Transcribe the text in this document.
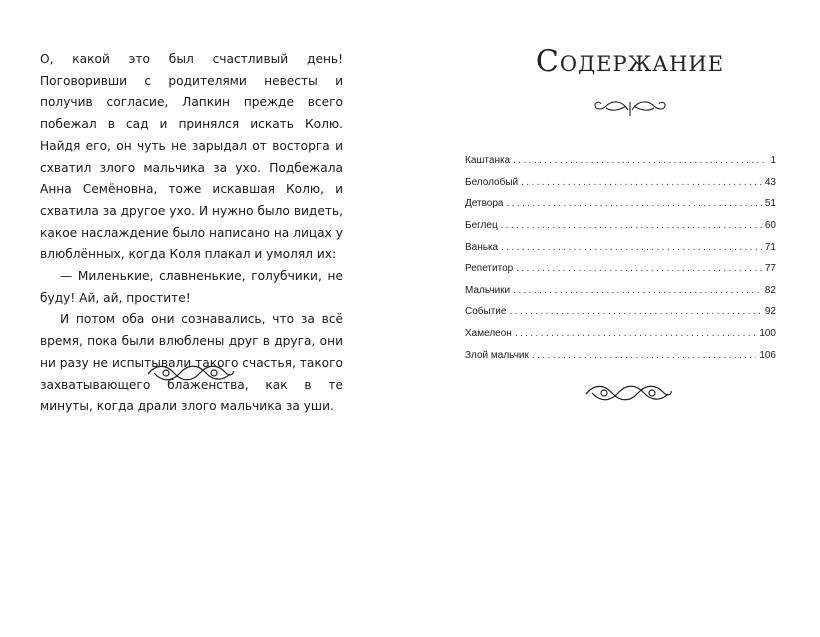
О, какой это был счастливый день! Поговоривши с родителями невесты и получив согласие, Лапкин прежде всего побежал в сад и принялся искать Колю. Найдя его, он чуть не зарыдал от восторга и схватил злого мальчика за ухо. Подбежала Анна Семёновна, тоже искавшая Колю, и схватила за другое ухо. И нужно было видеть, какое наслаждение было написано на лицах у влюблённых, когда Коля плакал и умолял их:

— Миленькие, славненькие, голубчики, не буду! Ай, ай, простите!

И потом оба они сознавались, что за всё время, пока были влюблены друг в друга, они ни разу не испытывали такого счастья, такого захватывающего блаженства, как в те минуты, когда драли злого мальчика за уши.

Содержание
Каштанка .....	1
Белолобый .....	43
Детвора .....	51
Беглец .....	60
Ванька .....	71
Репетитор .....	77
Мальчики .....	82
Событие .....	92
Хамелеон .....	100
Злой мальчик .....	106
